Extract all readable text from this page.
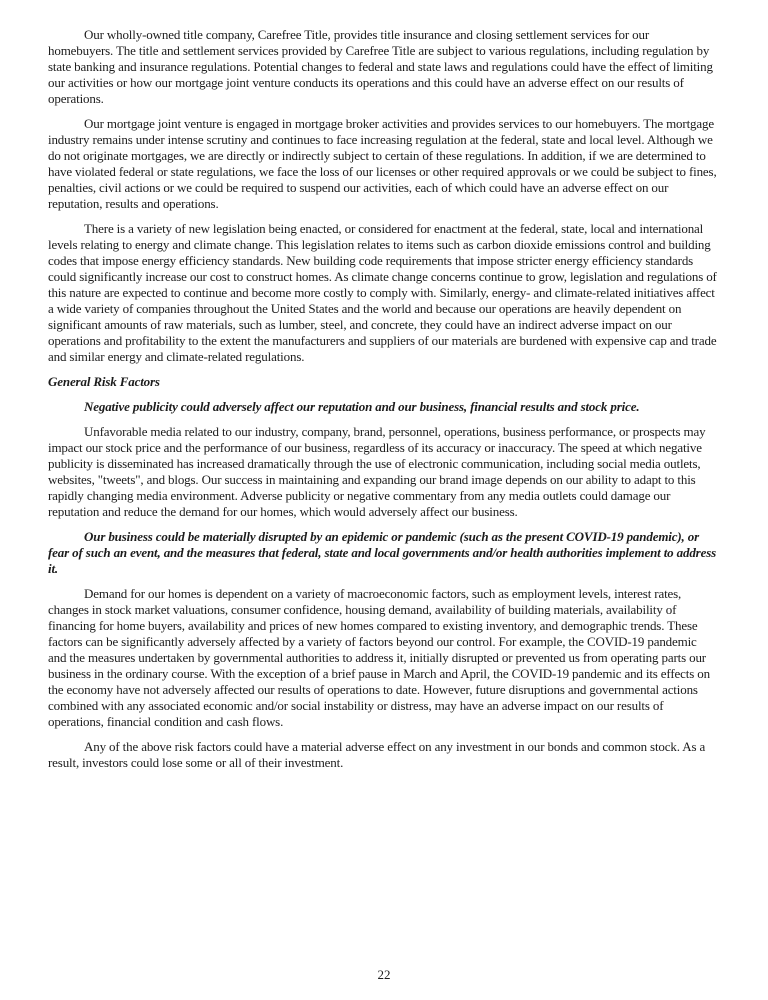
Our wholly-owned title company, Carefree Title, provides title insurance and closing settlement services for our homebuyers. The title and settlement services provided by Carefree Title are subject to various regulations, including regulation by state banking and insurance regulations. Potential changes to federal and state laws and regulations could have the effect of limiting our activities or how our mortgage joint venture conducts its operations and this could have an adverse effect on our results of operations.

Our mortgage joint venture is engaged in mortgage broker activities and provides services to our homebuyers. The mortgage industry remains under intense scrutiny and continues to face increasing regulation at the federal, state and local level. Although we do not originate mortgages, we are directly or indirectly subject to certain of these regulations. In addition, if we are determined to have violated federal or state regulations, we face the loss of our licenses or other required approvals or we could be subject to fines, penalties, civil actions or we could be required to suspend our activities, each of which could have an adverse effect on our reputation, results and operations.

There is a variety of new legislation being enacted, or considered for enactment at the federal, state, local and international levels relating to energy and climate change. This legislation relates to items such as carbon dioxide emissions control and building codes that impose energy efficiency standards. New building code requirements that impose stricter energy efficiency standards could significantly increase our cost to construct homes. As climate change concerns continue to grow, legislation and regulations of this nature are expected to continue and become more costly to comply with. Similarly, energy- and climate-related initiatives affect a wide variety of companies throughout the United States and the world and because our operations are heavily dependent on significant amounts of raw materials, such as lumber, steel, and concrete, they could have an indirect adverse impact on our operations and profitability to the extent the manufacturers and suppliers of our materials are burdened with expensive cap and trade and similar energy and climate-related regulations.

General Risk Factors

Negative publicity could adversely affect our reputation and our business, financial results and stock price.

Unfavorable media related to our industry, company, brand, personnel, operations, business performance, or prospects may impact our stock price and the performance of our business, regardless of its accuracy or inaccuracy. The speed at which negative publicity is disseminated has increased dramatically through the use of electronic communication, including social media outlets, websites, "tweets", and blogs. Our success in maintaining and expanding our brand image depends on our ability to adapt to this rapidly changing media environment. Adverse publicity or negative commentary from any media outlets could damage our reputation and reduce the demand for our homes, which would adversely affect our business.

Our business could be materially disrupted by an epidemic or pandemic (such as the present COVID-19 pandemic), or fear of such an event, and the measures that federal, state and local governments and/or health authorities implement to address it.

Demand for our homes is dependent on a variety of macroeconomic factors, such as employment levels, interest rates, changes in stock market valuations, consumer confidence, housing demand, availability of building materials, availability of financing for home buyers, availability and prices of new homes compared to existing inventory, and demographic trends. These factors can be significantly adversely affected by a variety of factors beyond our control. For example, the COVID-19 pandemic and the measures undertaken by governmental authorities to address it, initially disrupted or prevented us from operating parts our business in the ordinary course. With the exception of a brief pause in March and April, the COVID-19 pandemic and its effects on the economy have not adversely affected our results of operations to date. However, future disruptions and governmental actions combined with any associated economic and/or social instability or distress, may have an adverse impact on our results of operations, financial condition and cash flows.

Any of the above risk factors could have a material adverse effect on any investment in our bonds and common stock. As a result, investors could lose some or all of their investment.

22
